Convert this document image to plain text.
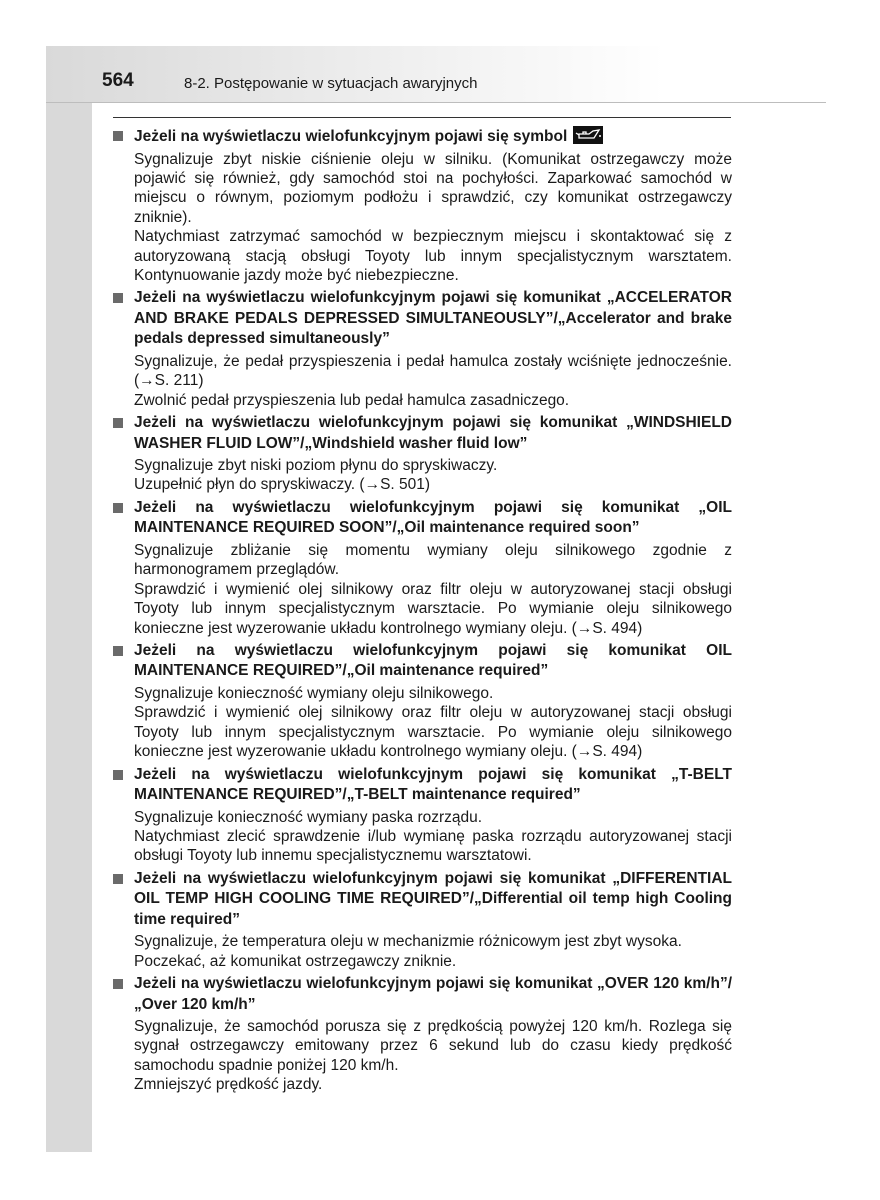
564	8-2. Postępowanie w sytuacjach awaryjnych
Jeżeli na wyświetlaczu wielofunkcyjnym pojawi się symbol

Sygnalizuje zbyt niskie ciśnienie oleju w silniku. (Komunikat ostrzegawczy może pojawić się również, gdy samochód stoi na pochyłości. Zaparkować samochód w miejscu o równym, poziomym podłożu i sprawdzić, czy komunikat ostrzegawczy zniknie).

Natychmiast zatrzymać samochód w bezpiecznym miejscu i skontaktować się z autoryzowaną stacją obsługi Toyoty lub innym specjalistycznym warsztatem. Kontynuowanie jazdy może być niebezpieczne.

Jeżeli na wyświetlaczu wielofunkcyjnym pojawi się komunikat „ACCELERATOR AND BRAKE PEDALS DEPRESSED SIMULTANEOUSLY”/„Accelerator and brake pedals depressed simultaneously”

Sygnalizuje, że pedał przyspieszenia i pedał hamulca zostały wciśnięte jednocześnie. (→S. 211)

Zwolnić pedał przyspieszenia lub pedał hamulca zasadniczego.

Jeżeli na wyświetlaczu wielofunkcyjnym pojawi się komunikat „WINDSHIELD WASHER FLUID LOW”/„Windshield washer fluid low”

Sygnalizuje zbyt niski poziom płynu do spryskiwaczy.

Uzupełnić płyn do spryskiwaczy. (→S. 501)

Jeżeli na wyświetlaczu wielofunkcyjnym pojawi się komunikat „OIL MAINTENANCE REQUIRED SOON”/„Oil maintenance required soon”

Sygnalizuje zbliżanie się momentu wymiany oleju silnikowego zgodnie z harmonogramem przeglądów.

Sprawdzić i wymienić olej silnikowy oraz filtr oleju w autoryzowanej stacji obsługi Toyoty lub innym specjalistycznym warsztacie. Po wymianie oleju silnikowego konieczne jest wyzerowanie układu kontrolnego wymiany oleju. (→S. 494)

Jeżeli na wyświetlaczu wielofunkcyjnym pojawi się komunikat OIL MAINTENANCE REQUIRED”/„Oil maintenance required”

Sygnalizuje konieczność wymiany oleju silnikowego.

Sprawdzić i wymienić olej silnikowy oraz filtr oleju w autoryzowanej stacji obsługi Toyoty lub innym specjalistycznym warsztacie. Po wymianie oleju silnikowego konieczne jest wyzerowanie układu kontrolnego wymiany oleju. (→S. 494)

Jeżeli na wyświetlaczu wielofunkcyjnym pojawi się komunikat „T-BELT MAINTENANCE REQUIRED”/„T-BELT maintenance required”

Sygnalizuje konieczność wymiany paska rozrządu.

Natychmiast zlecić sprawdzenie i/lub wymianę paska rozrządu autoryzowanej stacji obsługi Toyoty lub innemu specjalistycznemu warsztatowi.

Jeżeli na wyświetlaczu wielofunkcyjnym pojawi się komunikat „DIFFERENTIAL OIL TEMP HIGH COOLING TIME REQUIRED”/„Differential oil temp high Cooling time required”

Sygnalizuje, że temperatura oleju w mechanizmie różnicowym jest zbyt wysoka.

Poczekać, aż komunikat ostrzegawczy zniknie.

Jeżeli na wyświetlaczu wielofunkcyjnym pojawi się komunikat „OVER 120 km/h”/„Over 120 km/h”

Sygnalizuje, że samochód porusza się z prędkością powyżej 120 km/h. Rozlega się sygnał ostrzegawczy emitowany przez 6 sekund lub do czasu kiedy prędkość samochodu spadnie poniżej 120 km/h.

Zmniejszyć prędkość jazdy.
